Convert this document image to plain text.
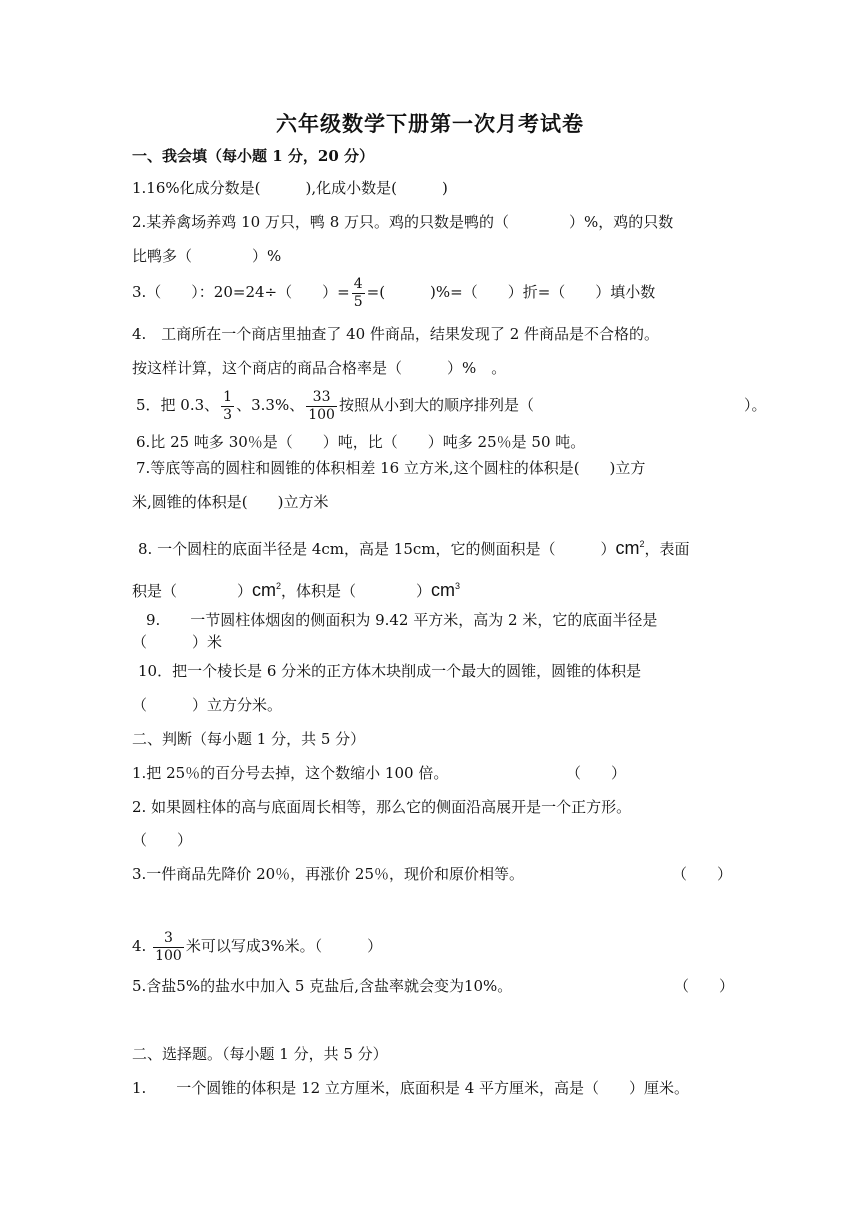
六年级数学下册第一次月考试卷
一、我会填（每小题 1 分，20 分）
1.16%化成分数是(　　　),化成小数是(　　　)
2.某养禽场养鸡 10 万只，鸭 8 万只。鸡的只数是鸭的（　　　　）%，鸡的只数
比鸭多（　　　　）%
3.（　　）：20=24÷（　　）= $\frac{4}{5}$ =(　　　)%=（　　）折=（　　）填小数
4.　工商所在一个商店里抽查了 40 件商品，结果发现了 2 件商品是不合格的。
按这样计算，这个商店的商品合格率是（　　　）%　。
5．把 0.3、 $\frac{1}{3}$ 、3.3%、 $\frac{33}{100}$ 按照从小到大的顺序排列是（　　　　　　　　　　　　　　）。
6.比 25 吨多 30％是（　　）吨，比（　　）吨多 25％是 50 吨。
7.等底等高的圆柱和圆锥的体积相差 16 立方米,这个圆柱的体积是(　　)立方
米,圆锥的体积是(　　)立方米
8. 一个圆柱的底面半径是 4cm，高是 15cm，它的侧面积是（　　　）$cm^2$，表面
积是（　　　　）$cm^2$，体积是（　　　　）$cm^3$
9.　　一节圆柱体烟囱的侧面积为 9.42 平方米，高为 2 米，它的底面半径是
（　　　）米
10．把一个棱长是 6 分米的正方体木块削成一个最大的圆锥，圆锥的体积是
（　　　）立方分米。
二、判断（每小题 1 分，共 5 分）
1.把 25％的百分号去掉，这个数缩小 100 倍。	（　　）
2. 如果圆柱体的高与底面周长相等，那么它的侧面沿高展开是一个正方形。
（　　）
3.一件商品先降价 20％，再涨价 25％，现价和原价相等。	（　　）
4. $\frac{3}{100}$ 米可以写成3%米。（　　　）
5.含盐5%的盐水中加入 5 克盐后,含盐率就会变为10%。	（　　）
二、选择题。（每小题 1 分，共 5 分）
1.　　一个圆锥的体积是 12 立方厘米，底面积是 4 平方厘米，高是（　　）厘米。
